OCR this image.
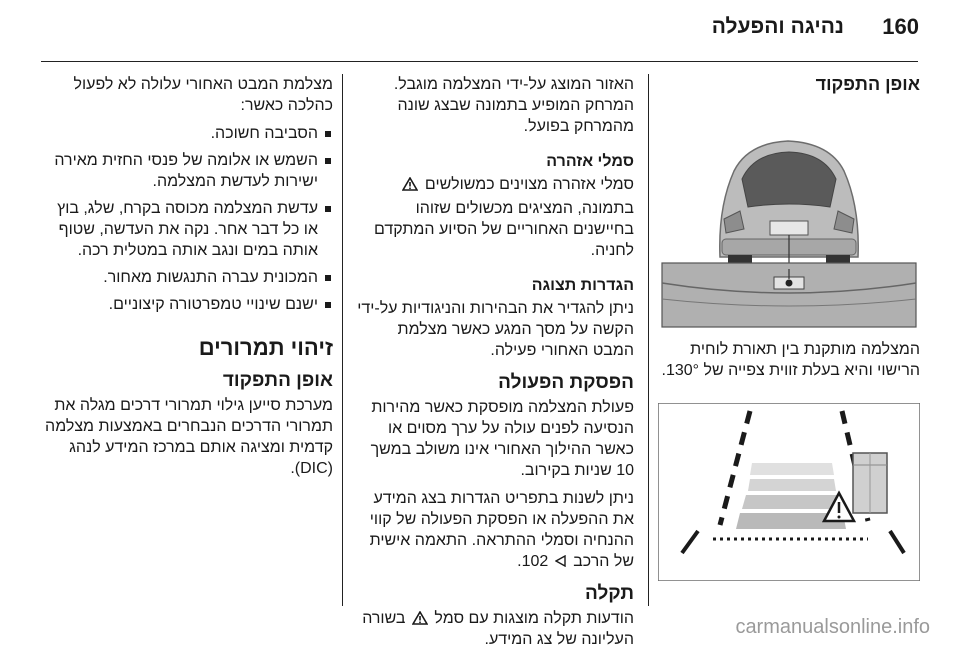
160
נהיגה והפעלה
אופן התפקוד
המצלמה מותקנת בין תאורת לוחית הרישוי והיא בעלת זווית צפייה של 130°.
האזור המוצג על-ידי המצלמה מוגבל. המרחק המופיע בתמונה שבצג שונה מהמרחק בפועל.
סמלי אזהרה
סמלי אזהרה מצוינים כמשולשים
בתמונה, המציגים מכשולים שזוהו בחיישנים האחוריים של הסיוע המתקדם לחניה.
הגדרות תצוגה
ניתן להגדיר את הבהירות והניגודיות על-ידי הקשה על מסך המגע כאשר מצלמת המבט האחורי פעילה.
הפסקת הפעולה
פעולת המצלמה מופסקת כאשר מהירות הנסיעה לפנים עולה על ערך מסוים או כאשר ההילוך האחורי אינו משולב במשך 10 שניות בקירוב.
ניתן לשנות בתפריט הגדרות בצג המידע את ההפעלה או הפסקת הפעולה של קווי ההנחיה וסמלי ההתראה. התאמה אישית של הרכב  102.
תקלה
הודעות תקלה מוצגות עם סמל  בשורה העליונה של צג המידע.
מצלמת המבט האחורי עלולה לא לפעול כהלכה כאשר:
הסביבה חשוכה.
השמש או אלומה של פנסי החזית מאירה ישירות לעדשת המצלמה.
עדשת המצלמה מכוסה בקרח, שלג, בוץ או כל דבר אחר. נקה את העדשה, שטוף אותה במים ונגב אותה במטלית רכה.
המכונית עברה התנגשות מאחור.
ישנם שינויי טמפרטורה קיצוניים.
זיהוי תמרורים
אופן התפקוד
מערכת סייען גילוי תמרורי דרכים מגלה את תמרורי הדרכים הנבחרים באמצעות מצלמה קדמית ומציגה אותם במרכז המידע לנהג (DIC).
carmanualsonline.info
